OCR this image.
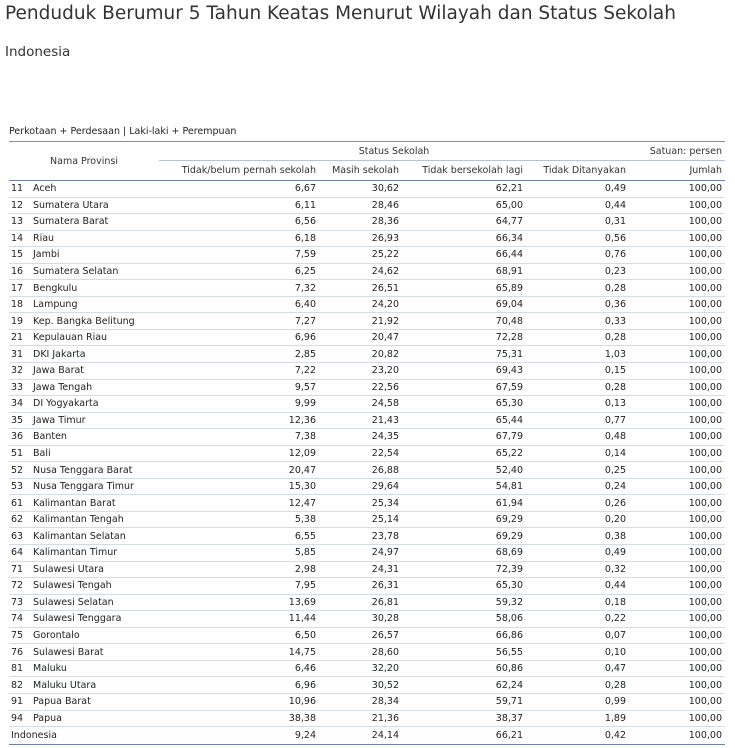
Penduduk Berumur 5 Tahun Keatas Menurut Wilayah dan Status Sekolah
Indonesia
Perkotaan + Perdesaan | Laki-laki + Perempuan
Nama Provinsi		Status Sekolah				Satuan: persen
		Tidak/belum pernah sekolah	Masih sekolah	Tidak bersekolah lagi	Tidak Ditanyakan	Jumlah
11	Aceh	6,67	30,62	62,21	0,49	100,00
12	Sumatera Utara	6,11	28,46	65,00	0,44	100,00
13	Sumatera Barat	6,56	28,36	64,77	0,31	100,00
14	Riau	6,18	26,93	66,34	0,56	100,00
15	Jambi	7,59	25,22	66,44	0,76	100,00
16	Sumatera Selatan	6,25	24,62	68,91	0,23	100,00
17	Bengkulu	7,32	26,51	65,89	0,28	100,00
18	Lampung	6,40	24,20	69,04	0,36	100,00
19	Kep. Bangka Belitung	7,27	21,92	70,48	0,33	100,00
21	Kepulauan Riau	6,96	20,47	72,28	0,28	100,00
31	DKI Jakarta	2,85	20,82	75,31	1,03	100,00
32	Jawa Barat	7,22	23,20	69,43	0,15	100,00
33	Jawa Tengah	9,57	22,56	67,59	0,28	100,00
34	DI Yogyakarta	9,99	24,58	65,30	0,13	100,00
35	Jawa Timur	12,36	21,43	65,44	0,77	100,00
36	Banten	7,38	24,35	67,79	0,48	100,00
51	Bali	12,09	22,54	65,22	0,14	100,00
52	Nusa Tenggara Barat	20,47	26,88	52,40	0,25	100,00
53	Nusa Tenggara Timur	15,30	29,64	54,81	0,24	100,00
61	Kalimantan Barat	12,47	25,34	61,94	0,26	100,00
62	Kalimantan Tengah	5,38	25,14	69,29	0,20	100,00
63	Kalimantan Selatan	6,55	23,78	69,29	0,38	100,00
64	Kalimantan Timur	5,85	24,97	68,69	0,49	100,00
71	Sulawesi Utara	2,98	24,31	72,39	0,32	100,00
72	Sulawesi Tengah	7,95	26,31	65,30	0,44	100,00
73	Sulawesi Selatan	13,69	26,81	59,32	0,18	100,00
74	Sulawesi Tenggara	11,44	30,28	58,06	0,22	100,00
75	Gorontalo	6,50	26,57	66,86	0,07	100,00
76	Sulawesi Barat	14,75	28,60	56,55	0,10	100,00
81	Maluku	6,46	32,20	60,86	0,47	100,00
82	Maluku Utara	6,96	30,52	62,24	0,28	100,00
91	Papua Barat	10,96	28,34	59,71	0,99	100,00
94	Papua	38,38	21,36	38,37	1,89	100,00
Indonesia		9,24	24,14	66,21	0,42	100,00
